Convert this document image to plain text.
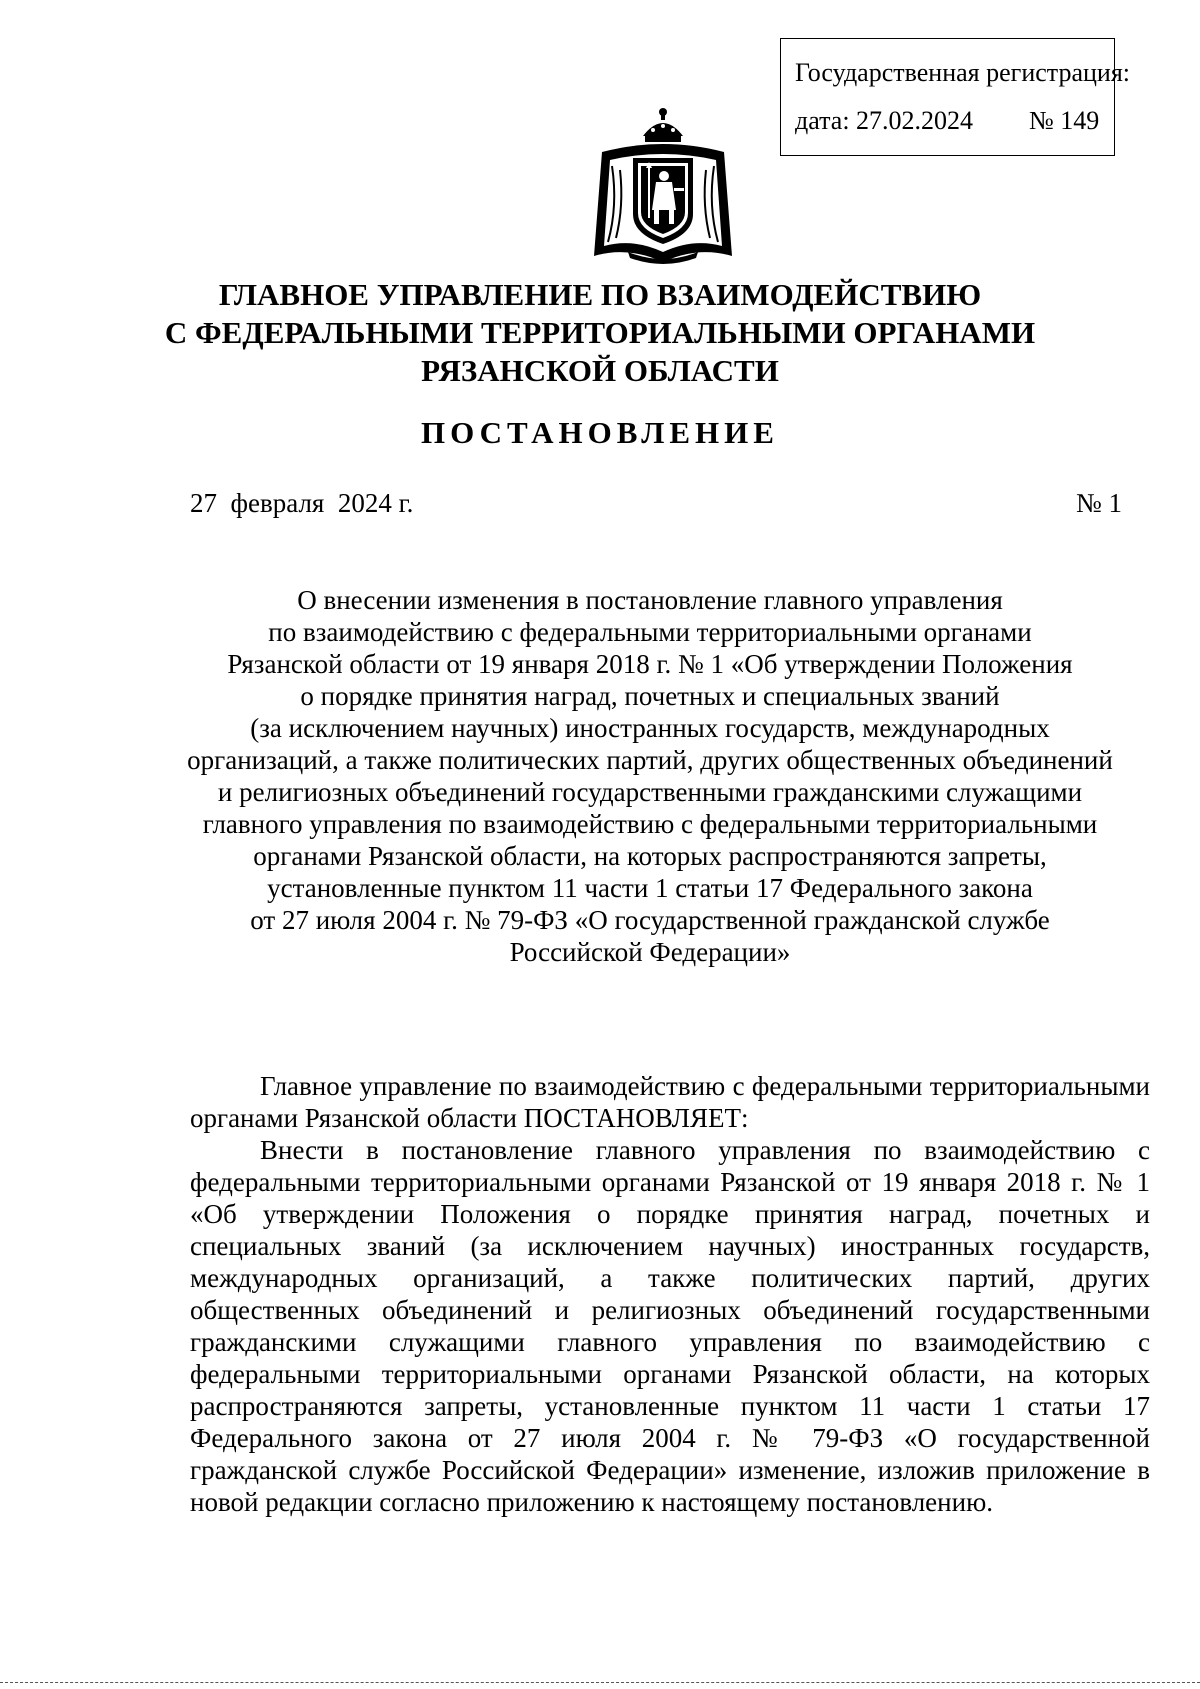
Государственная регистрация:
дата: 27.02.2024 № 149
ГЛАВНОЕ УПРАВЛЕНИЕ ПО ВЗАИМОДЕЙСТВИЮ
С ФЕДЕРАЛЬНЫМИ ТЕРРИТОРИАЛЬНЫМИ ОРГАНАМИ
РЯЗАНСКОЙ ОБЛАСТИ
ПОСТАНОВЛЕНИЕ
27  февраля  2024 г.	№ 1
О внесении изменения в постановление главного управления
по взаимодействию с федеральными территориальными органами
Рязанской области от 19 января 2018 г. № 1 «Об утверждении Положения
о порядке принятия наград, почетных и специальных званий
(за исключением научных) иностранных государств, международных
организаций, а также политических партий, других общественных объединений
и религиозных объединений государственными гражданскими служащими
главного управления по взаимодействию с федеральными территориальными
органами Рязанской области, на которых распространяются запреты,
установленные пунктом 11 части 1 статьи 17 Федерального закона
от 27 июля 2004 г. № 79-ФЗ «О государственной гражданской службе
Российской Федерации»

Главное управление по взаимодействию с федеральными территориальными органами Рязанской области ПОСТАНОВЛЯЕТ:

Внести в постановление главного управления по взаимодействию с федеральными территориальными органами Рязанской от 19 января 2018 г. № 1 «Об утверждении Положения о порядке принятия наград, почетных и специальных званий (за исключением научных) иностранных государств, международных организаций, а также политических партий, других общественных объединений и религиозных объединений государственными гражданскими служащими главного управления по взаимодействию с федеральными территориальными органами Рязанской области, на которых распространяются запреты, установленные пунктом 11 части 1 статьи 17 Федерального закона от 27 июля 2004 г. № 79-ФЗ «О государственной гражданской службе Российской Федерации» изменение, изложив приложение в новой редакции согласно приложению к настоящему постановлению.
